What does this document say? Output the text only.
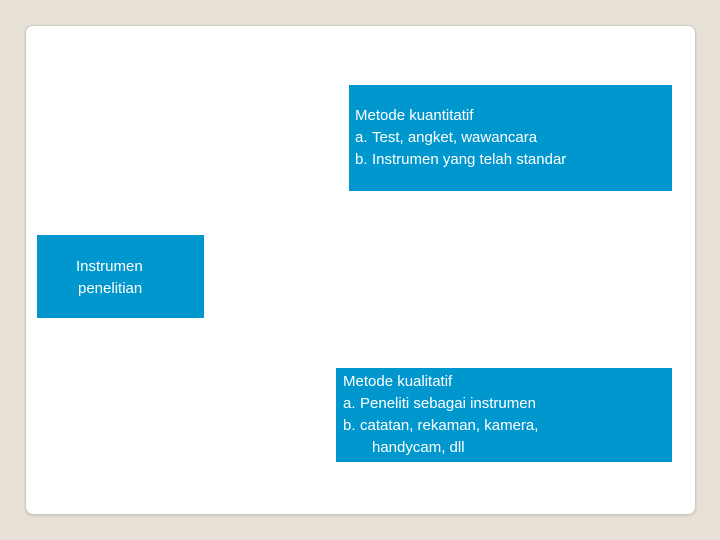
Metode kuantitatif
a. Test, angket, wawancara
b. Instrumen yang telah standar
Instrumen
penelitian
Metode kualitatif
a. Peneliti sebagai instrumen
b. catatan, rekaman, kamera,
handycam, dll
